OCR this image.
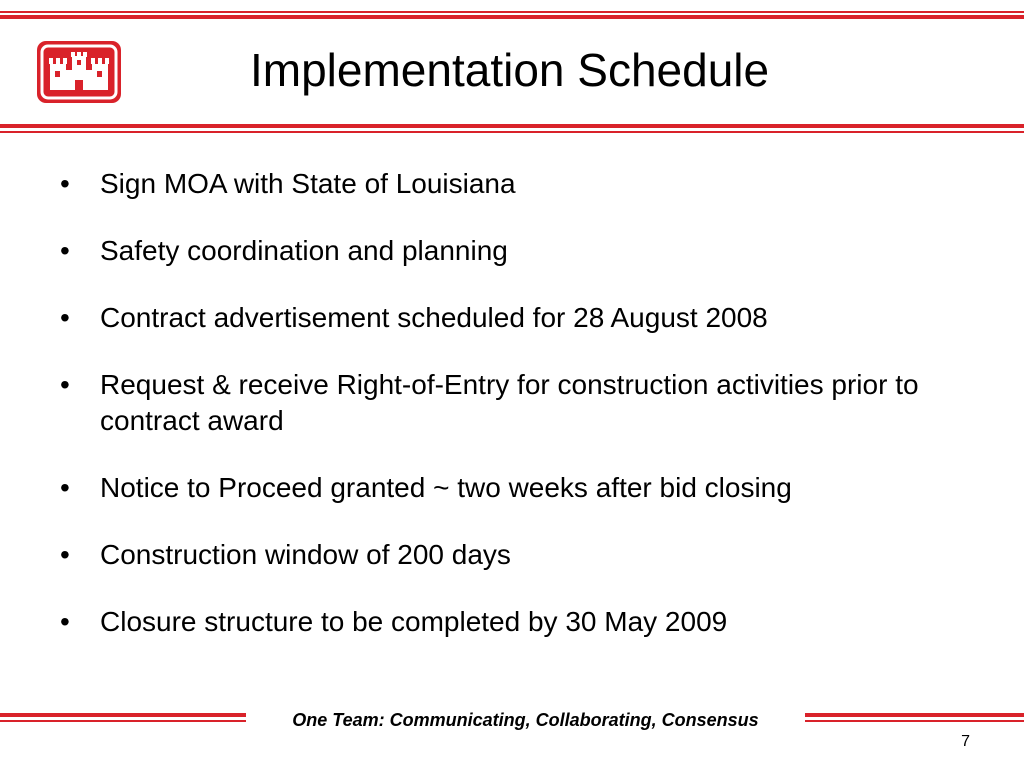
Implementation Schedule
•	Sign MOA with State of Louisiana
•	Safety coordination and planning
•	Contract advertisement scheduled for 28 August 2008
•	Request & receive Right-of-Entry for construction activities prior to contract award
•	Notice to Proceed granted ~ two weeks after bid closing
•	Construction window of 200 days
•	Closure structure to be completed by 30 May 2009
One Team: Communicating, Collaborating, Consensus
7
